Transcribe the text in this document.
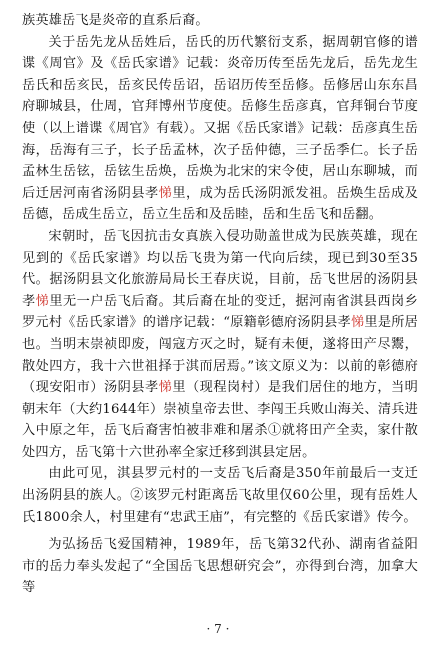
族英雄岳飞是炎帝的直系后裔。

关于岳先龙从岳姓后，岳氏的历代繁衍支系，据周朝官修的谱谍《周官》及《岳氏家谱》记载：炎帝历传至岳先龙后，岳先龙生岳氏和岳亥民，岳亥民传岳诏，岳诏历传至岳修。岳修居山东东昌府聊城县，仕周，官拜博州节度使。岳修生岳彦真，官拜铜台节度使（以上谱谍《周官》有载）。又据《岳氏家谱》记载：岳彦真生岳海，岳海有三子，长子岳孟林，次子岳仲德，三子岳季仁。长子岳孟林生岳铉，岳铉生岳焕，岳焕为北宋的宋令使，居山东聊城，而后迁居河南省汤阴县孝悌里，成为岳氏汤阴派发祖。岳焕生岳成及岳德，岳成生岳立，岳立生岳和及岳睦，岳和生岳飞和岳翻。

宋朝时，岳飞因抗击女真族入侵功勋盖世成为民族英雄，现在见到的《岳氏家谱》均以岳飞贵为第一代向后续，现已到30至35代。据汤阴县文化旅游局局长王春庆说，目前，岳飞世居的汤阴县孝悌里无一户岳飞后裔。其后裔在址的变迁，据河南省淇县西岗乡罗元村《岳氏家谱》的谱序记载：“原籍彰德府汤阴县孝悌里是所居也。当明末崇祯即废，闯寇方灭之时，疑有未便，遂将田产尽鬻，散处四方，我十六世祖择于淇而居焉。”该文原义为：以前的彰德府（现安阳市）汤阴县孝悌里（现程岗村）是我们居住的地方，当明朝末年（大约1644年）崇祯皇帝去世、李闯王兵败山海关、清兵进入中原之年，岳飞后裔害怕被非难和屠杀①就将田产全卖，家什散处四方，岳飞第十六世孙率全家迁移到淇县定居。

由此可见，淇县罗元村的一支岳飞后裔是350年前最后一支迁出汤阴县的族人。②该罗元村距离岳飞故里仅60公里，现有岳姓人氏1800余人，村里建有“忠武王庙”，有完整的《岳氏家谱》传今。

为弘扬岳飞爱国精神，1989年，岳飞第32代孙、湖南省益阳市的岳力奉头发起了“全国岳飞思想研究会”，亦得到台湾，加拿大等

· 7 ·
